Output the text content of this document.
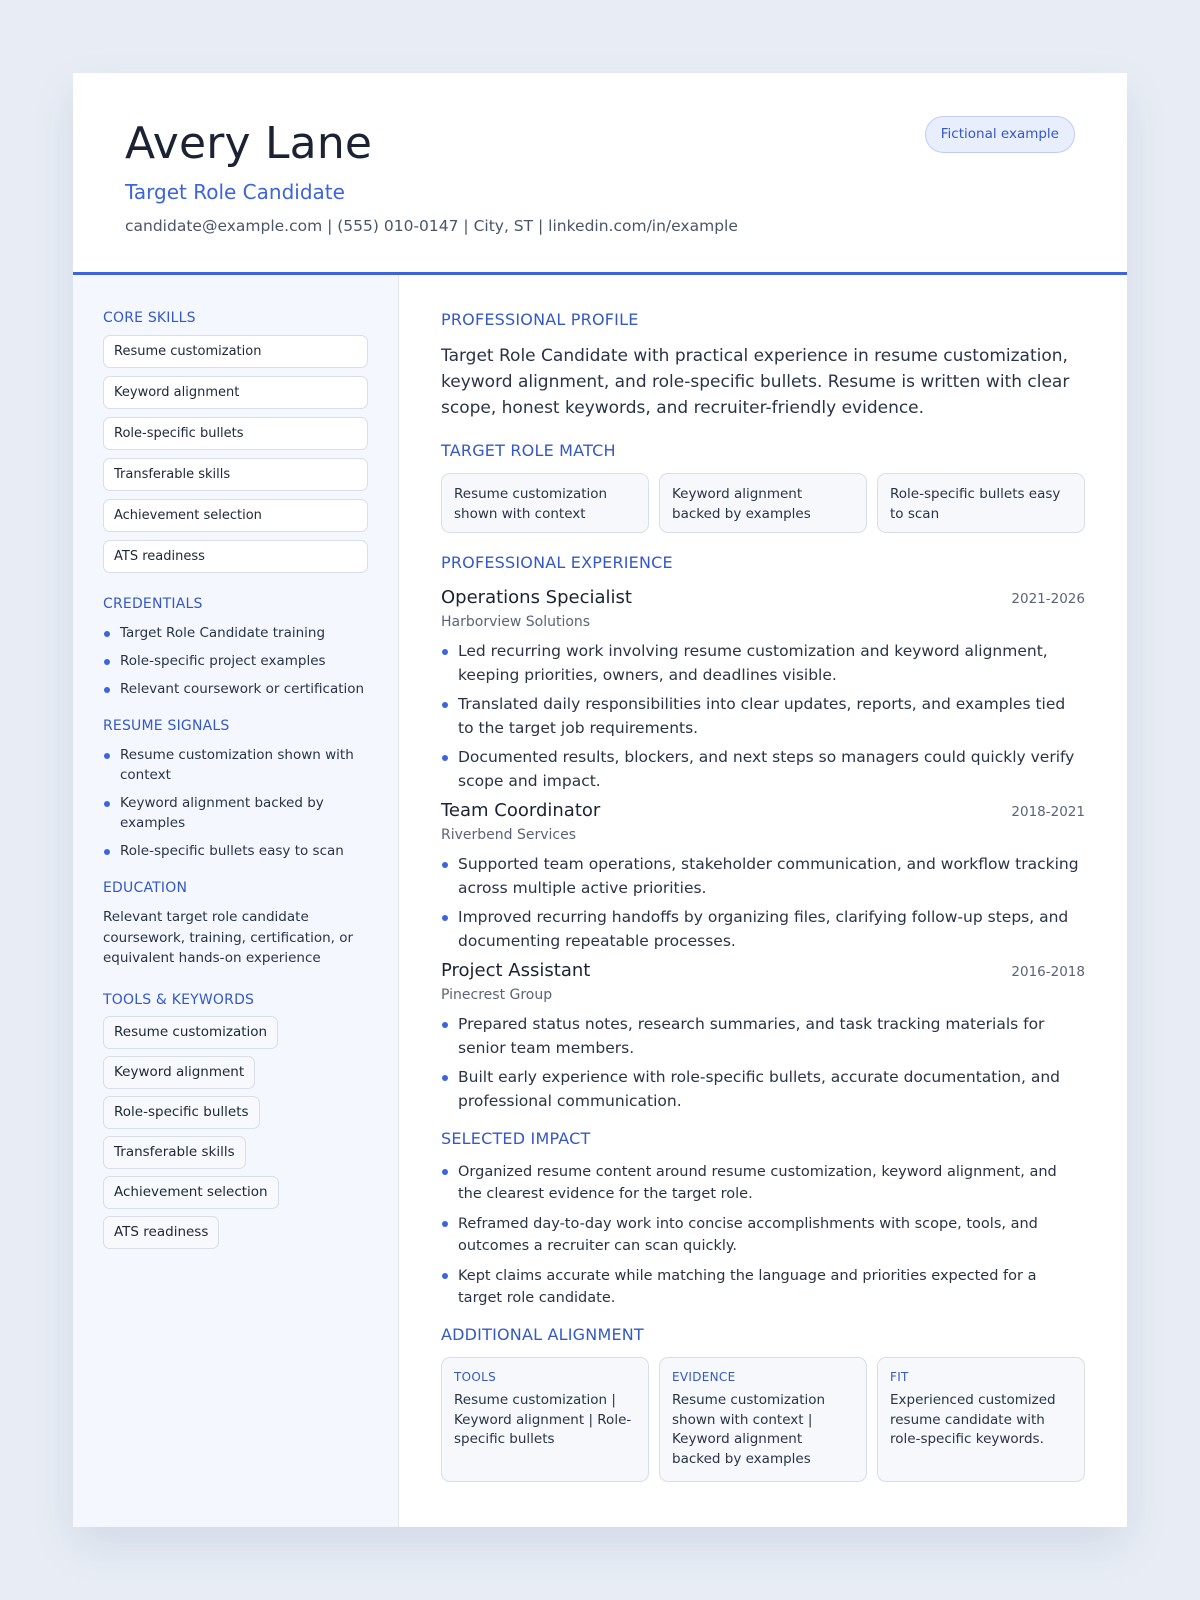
Avery Lane
Target Role Candidate
candidate@example.com | (555) 010-0147 | City, ST | linkedin.com/in/example
Fictional example
CORE SKILLS
Resume customization
Keyword alignment
Role-specific bullets
Transferable skills
Achievement selection
ATS readiness
CREDENTIALS
Target Role Candidate training
Role-specific project examples
Relevant coursework or certification
RESUME SIGNALS
Resume customization shown with context
Keyword alignment backed by examples
Role-specific bullets easy to scan
EDUCATION

Relevant target role candidate coursework, training, certification, or equivalent hands-on experience

TOOLS & KEYWORDS
Resume customization
Keyword alignment
Role-specific bullets
Transferable skills
Achievement selection
ATS readiness
PROFESSIONAL PROFILE

Target Role Candidate with practical experience in resume customization, keyword alignment, and role-specific bullets. Resume is written with clear scope, honest keywords, and recruiter-friendly evidence.

TARGET ROLE MATCH
Resume customization shown with context
Keyword alignment backed by examples
Role-specific bullets easy to scan
PROFESSIONAL EXPERIENCE
Operations Specialist	2021-2026
Harborview Solutions
Led recurring work involving resume customization and keyword alignment, keeping priorities, owners, and deadlines visible.
Translated daily responsibilities into clear updates, reports, and examples tied to the target job requirements.
Documented results, blockers, and next steps so managers could quickly verify scope and impact.
Team Coordinator	2018-2021
Riverbend Services
Supported team operations, stakeholder communication, and workflow tracking across multiple active priorities.
Improved recurring handoffs by organizing files, clarifying follow-up steps, and documenting repeatable processes.
Project Assistant	2016-2018
Pinecrest Group
Prepared status notes, research summaries, and task tracking materials for senior team members.
Built early experience with role-specific bullets, accurate documentation, and professional communication.
SELECTED IMPACT
Organized resume content around resume customization, keyword alignment, and the clearest evidence for the target role.
Reframed day-to-day work into concise accomplishments with scope, tools, and outcomes a recruiter can scan quickly.
Kept claims accurate while matching the language and priorities expected for a target role candidate.
ADDITIONAL ALIGNMENT
TOOLS
Resume customization | Keyword alignment | Role-specific bullets
EVIDENCE
Resume customization shown with context | Keyword alignment backed by examples
FIT
Experienced customized resume candidate with role-specific keywords.
